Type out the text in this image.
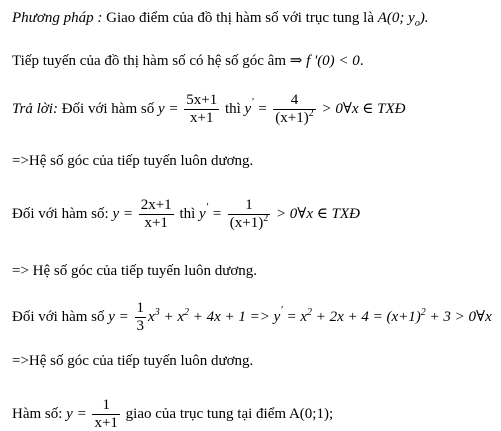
Phương pháp : Giao điểm của đồ thị hàm số với trục tung là A(0; $y_o$).
Tiếp tuyến của đồ thị hàm số có hệ số góc âm ⇒ f '(0) < 0.
Trả lời: Đối với hàm số $y = \frac{5x+1}{x+1}$ thì $y' = \frac{4}{(x+1)^2}$ > 0∀x ∈ TXĐ
=>Hệ số góc của tiếp tuyến luôn dương.
Đối với hàm số: $y = \frac{2x+1}{x+1}$ thì $y' = \frac{1}{(x+1)^2}$ > 0∀x ∈ TXĐ
=> Hệ số góc của tiếp tuyến luôn dương.
Đối với hàm số $y = \frac{1}{3} x^3 + x^2 + 4x + 1 => y' = x^2 + 2x + 4 = (x+1)^2 + 3$ > 0∀x
=>Hệ số góc của tiếp tuyến luôn dương.
Hàm số: $y = \frac{1}{x+1}$ giao của trục tung tại điểm A(0;1);
